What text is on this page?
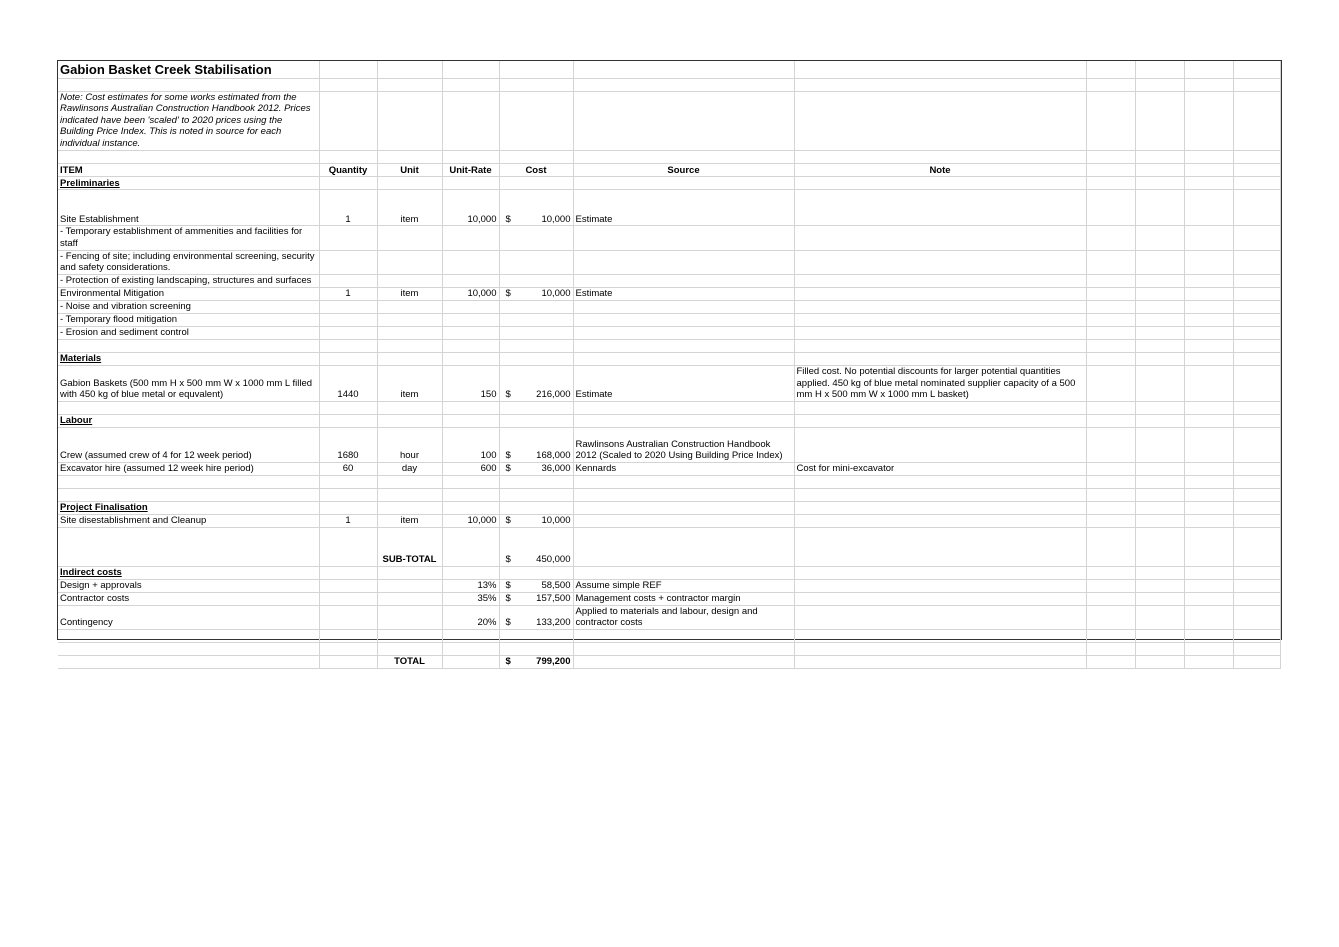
Gabion Basket Creek Stabilisation										

Note: Cost estimates for some works estimated from the Rawlinsons Australian Construction Handbook 2012. Prices indicated have been 'scaled' to 2020 prices using the Building Price Index. This is noted in source for each individual instance.										

ITEM	Quantity	Unit	Unit-Rate	Cost	Source	Note				
Preliminaries										
Site Establishment	1	item	10,000	$ 10,000	Estimate					
- Temporary establishment of ammenities and facilities for staff										
- Fencing of site; including environmental screening, security and safety considerations.										
- Protection of existing landscaping, structures and surfaces										
Environmental Mitigation	1	item	10,000	$ 10,000	Estimate					
- Noise and vibration screening										
- Temporary flood mitigation										
- Erosion and sediment control										

Materials										
Gabion Baskets (500 mm H x 500 mm W x 1000 mm L filled with 450 kg of blue metal or equvalent)	1440	item	150	$ 216,000	Estimate	Filled cost. No potential discounts for larger potential quantities applied. 450 kg of blue metal nominated supplier capacity of a 500 mm H x 500 mm W x 1000 mm L basket)				

Labour										
Crew (assumed crew of 4 for 12 week period)	1680	hour	100	$ 168,000	Rawlinsons Australian Construction Handbook 2012 (Scaled to 2020 Using Building Price Index)					
Excavator hire (assumed 12 week hire period)	60	day	600	$ 36,000	Kennards	Cost for mini-excavator				

Project Finalisation										
Site disestablishment and Cleanup	1	item	10,000	$ 10,000						
		SUB-TOTAL		$ 450,000						
Indirect costs										
Design + approvals			13%	$ 58,500	Assume simple REF					
Contractor costs			35%	$ 157,500	Management costs + contractor margin					
Contingency			20%	$ 133,200	Applied to materials and labour, design and contractor costs					

		TOTAL		$ 799,200						
